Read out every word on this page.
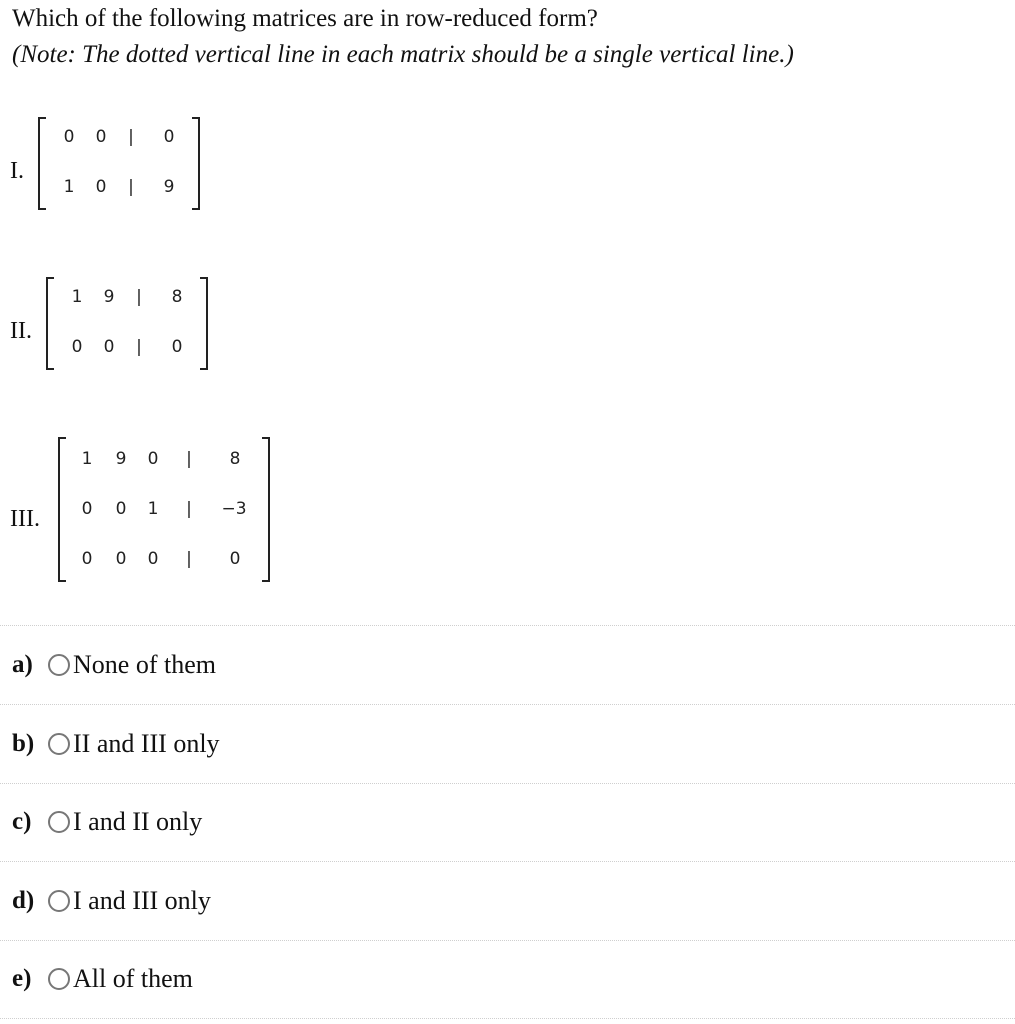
Which of the following matrices are in row-reduced form?
(Note: The dotted vertical line in each matrix should be a single vertical line.)
I.
0	0	|	0
1	0	|	9
II.
1	9	|	8
0	0	|	0
III.
1	9	0	|	8
0	0	1	|	−3
0	0	0	|	0
a)	None of them
b)	II and III only
c)	I and II only
d)	I and III only
e)	All of them
